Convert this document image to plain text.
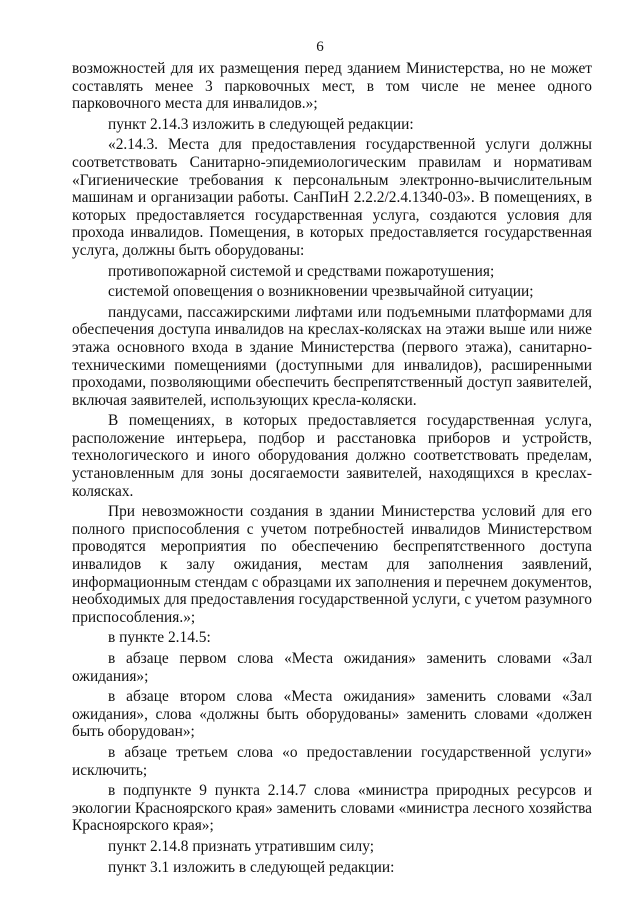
6

возможностей для их размещения перед зданием Министерства, но не может составлять менее 3 парковочных мест, в том числе не менее одного парковочного места для инвалидов.»;

пункт 2.14.3 изложить в следующей редакции:

«2.14.3. Места для предоставления государственной услуги должны соответствовать Санитарно-эпидемиологическим правилам и нормативам «Гигиенические требования к персональным электронно-вычислительным машинам и организации работы. СанПиН 2.2.2/2.4.1340-03». В помещениях, в которых предоставляется государственная услуга, создаются условия для прохода инвалидов. Помещения, в которых предоставляется государственная услуга, должны быть оборудованы:

противопожарной системой и средствами пожаротушения;

системой оповещения о возникновении чрезвычайной ситуации;

пандусами, пассажирскими лифтами или подъемными платформами для обеспечения доступа инвалидов на креслах-колясках на этажи выше или ниже этажа основного входа в здание Министерства (первого этажа), санитарно-техническими помещениями (доступными для инвалидов), расширенными проходами, позволяющими обеспечить беспрепятственный доступ заявителей, включая заявителей, использующих кресла-коляски.

В помещениях, в которых предоставляется государственная услуга, расположение интерьера, подбор и расстановка приборов и устройств, технологического и иного оборудования должно соответствовать пределам, установленным для зоны досягаемости заявителей, находящихся в креслах-колясках.

При невозможности создания в здании Министерства условий для его полного приспособления с учетом потребностей инвалидов Министерством проводятся мероприятия по обеспечению беспрепятственного доступа инвалидов к залу ожидания, местам для заполнения заявлений, информационным стендам с образцами их заполнения и перечнем документов, необходимых для предоставления государственной услуги, с учетом разумного приспособления.»;

в пункте 2.14.5:

в абзаце первом слова «Места ожидания» заменить словами «Зал ожидания»;

в абзаце втором слова «Места ожидания» заменить словами «Зал ожидания», слова «должны быть оборудованы» заменить словами «должен быть оборудован»;

в абзаце третьем слова «о предоставлении государственной услуги» исключить;

в подпункте 9 пункта 2.14.7 слова «министра природных ресурсов и экологии Красноярского края» заменить словами «министра лесного хозяйства Красноярского края»;

пункт 2.14.8 признать утратившим силу;

пункт 3.1 изложить в следующей редакции:
